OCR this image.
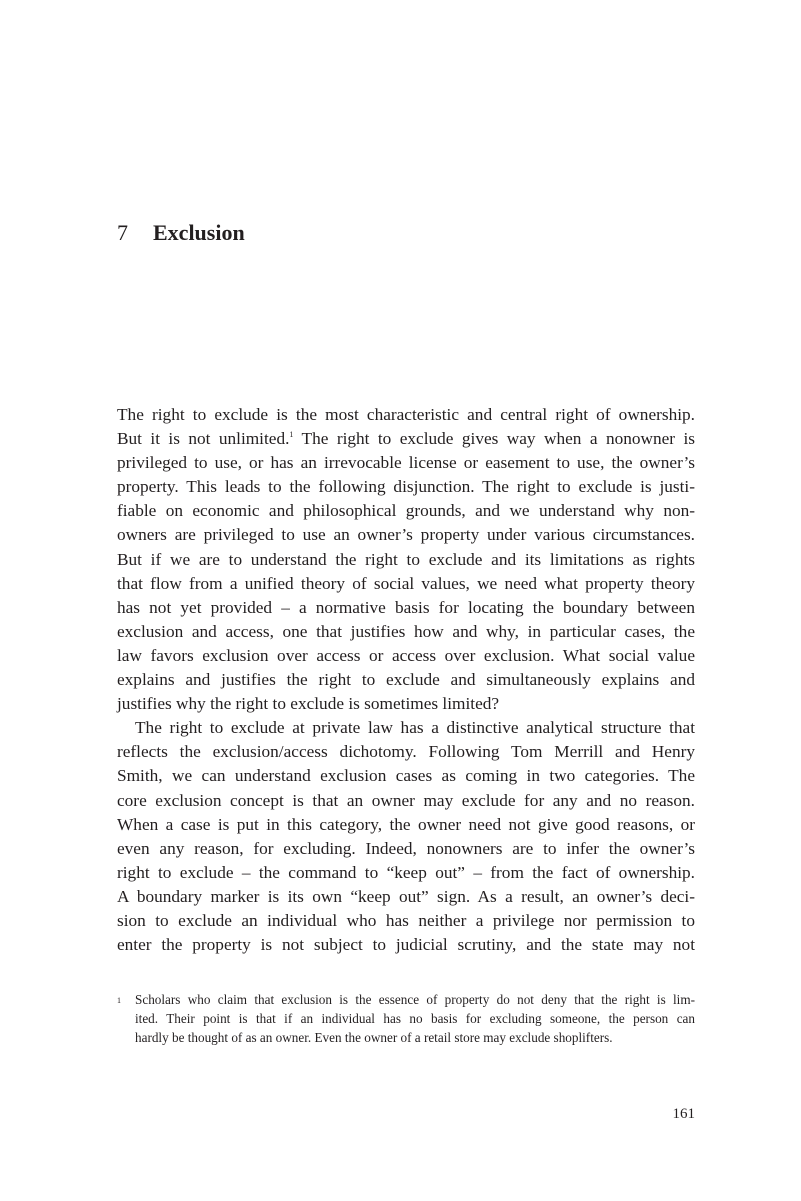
7 Exclusion

The right to exclude is the most characteristic and central right of ownership.
But it is not unlimited.$^1$ The right to exclude gives way when a nonowner is
privileged to use, or has an irrevocable license or easement to use, the owner’s
property. This leads to the following disjunction. The right to exclude is justi-
fiable on economic and philosophical grounds, and we understand why non-
owners are privileged to use an owner’s property under various circumstances.
But if we are to understand the right to exclude and its limitations as rights
that flow from a unified theory of social values, we need what property theory
has not yet provided – a normative basis for locating the boundary between
exclusion and access, one that justifies how and why, in particular cases, the
law favors exclusion over access or access over exclusion. What social value
explains and justifies the right to exclude and simultaneously explains and
justifies why the right to exclude is sometimes limited?

The right to exclude at private law has a distinctive analytical structure that
reflects the exclusion/access dichotomy. Following Tom Merrill and Henry
Smith, we can understand exclusion cases as coming in two categories. The
core exclusion concept is that an owner may exclude for any and no reason.
When a case is put in this category, the owner need not give good reasons, or
even any reason, for excluding. Indeed, nonowners are to infer the owner’s
right to exclude – the command to “keep out” – from the fact of ownership.
A boundary marker is its own “keep out” sign. As a result, an owner’s deci-
sion to exclude an individual who has neither a privilege nor permission to
enter the property is not subject to judicial scrutiny, and the state may not

1 Scholars who claim that exclusion is the essence of property do not deny that the right is lim-
ited. Their point is that if an individual has no basis for excluding someone, the person can
hardly be thought of as an owner. Even the owner of a retail store may exclude shoplifters.
161
